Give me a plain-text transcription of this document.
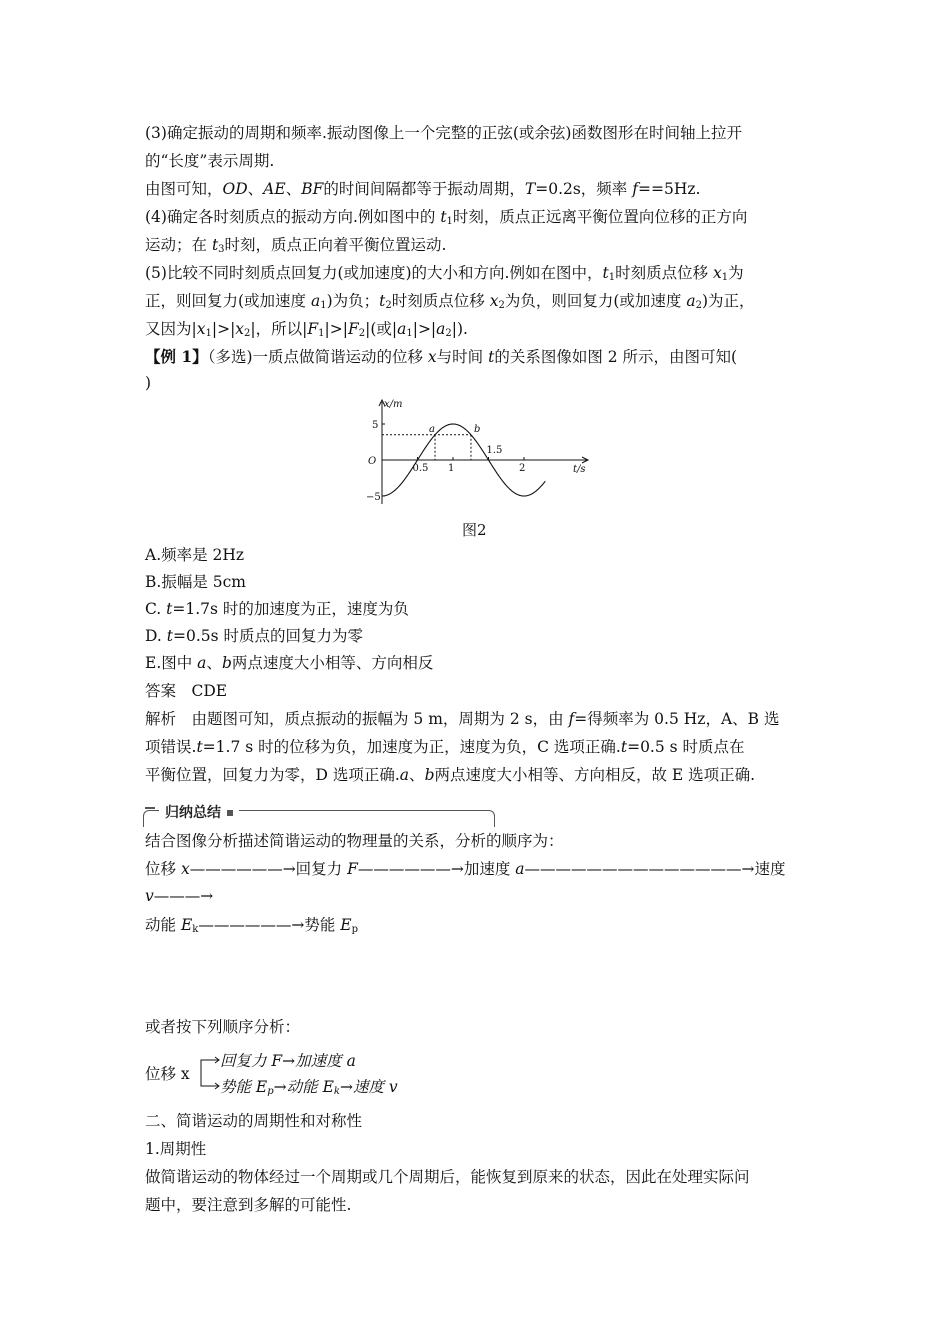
(3)确定振动的周期和频率.振动图像上一个完整的正弦(或余弦)函数图形在时间轴上拉开
的“长度”表示周期.
由图可知，OD、AE、BF的时间间隔都等于振动周期，T=0.2s，频率 f==5Hz.
(4)确定各时刻质点的振动方向.例如图中的 $t_1$时刻，质点正远离平衡位置向位移的正方向
运动；在 $t_3$时刻，质点正向着平衡位置运动.
(5)比较不同时刻质点回复力(或加速度)的大小和方向.例如在图中，$t_1$时刻质点位移 $x_1$为
正，则回复力(或加速度 $a_1$)为负；$t_2$时刻质点位移 $x_2$为负，则回复力(或加速度 $a_2$)为正，
又因为$|x_1|>|x_2|$，所以$|F_1|>|F_2|$(或$|a_1|>|a_2|$).
【例 1】（多选)一质点做简谐运动的位移 x与时间 t的关系图像如图 2 所示，由图可知(
)
x/m
t/s
5
O
−5
0.5 1
1.5
2
a	b
图2
A.频率是 2Hz
B.振幅是 5cm
C. t=1.7s 时的加速度为正，速度为负
D. t=0.5s 时质点的回复力为零
E.图中 a、b两点速度大小相等、方向相反
答案　CDE
解析　由题图可知，质点振动的振幅为 5 m，周期为 2 s，由 f=得频率为 0.5 Hz，A、B 选
项错误.t=1.7 s 时的位移为负，加速度为正，速度为负，C 选项正确.t=0.5 s 时质点在
平衡位置，回复力为零，D 选项正确.a、b两点速度大小相等、方向相反，故 E 选项正确.
归纳总结
结合图像分析描述简谐运动的物理量的关系，分析的顺序为：
位移 x——————→回复力 F——————→加速度 a——————————————→速度
v———→
动能 $E_k——————\to$势能 $E_p$
或者按下列顺序分析：
位移 x
回复力 F→加速度 a
势能 $E_p\to$动能 $E_k\to$速度 v
二、简谐运动的周期性和对称性
1.周期性
做简谐运动的物体经过一个周期或几个周期后，能恢复到原来的状态，因此在处理实际问
题中，要注意到多解的可能性.
